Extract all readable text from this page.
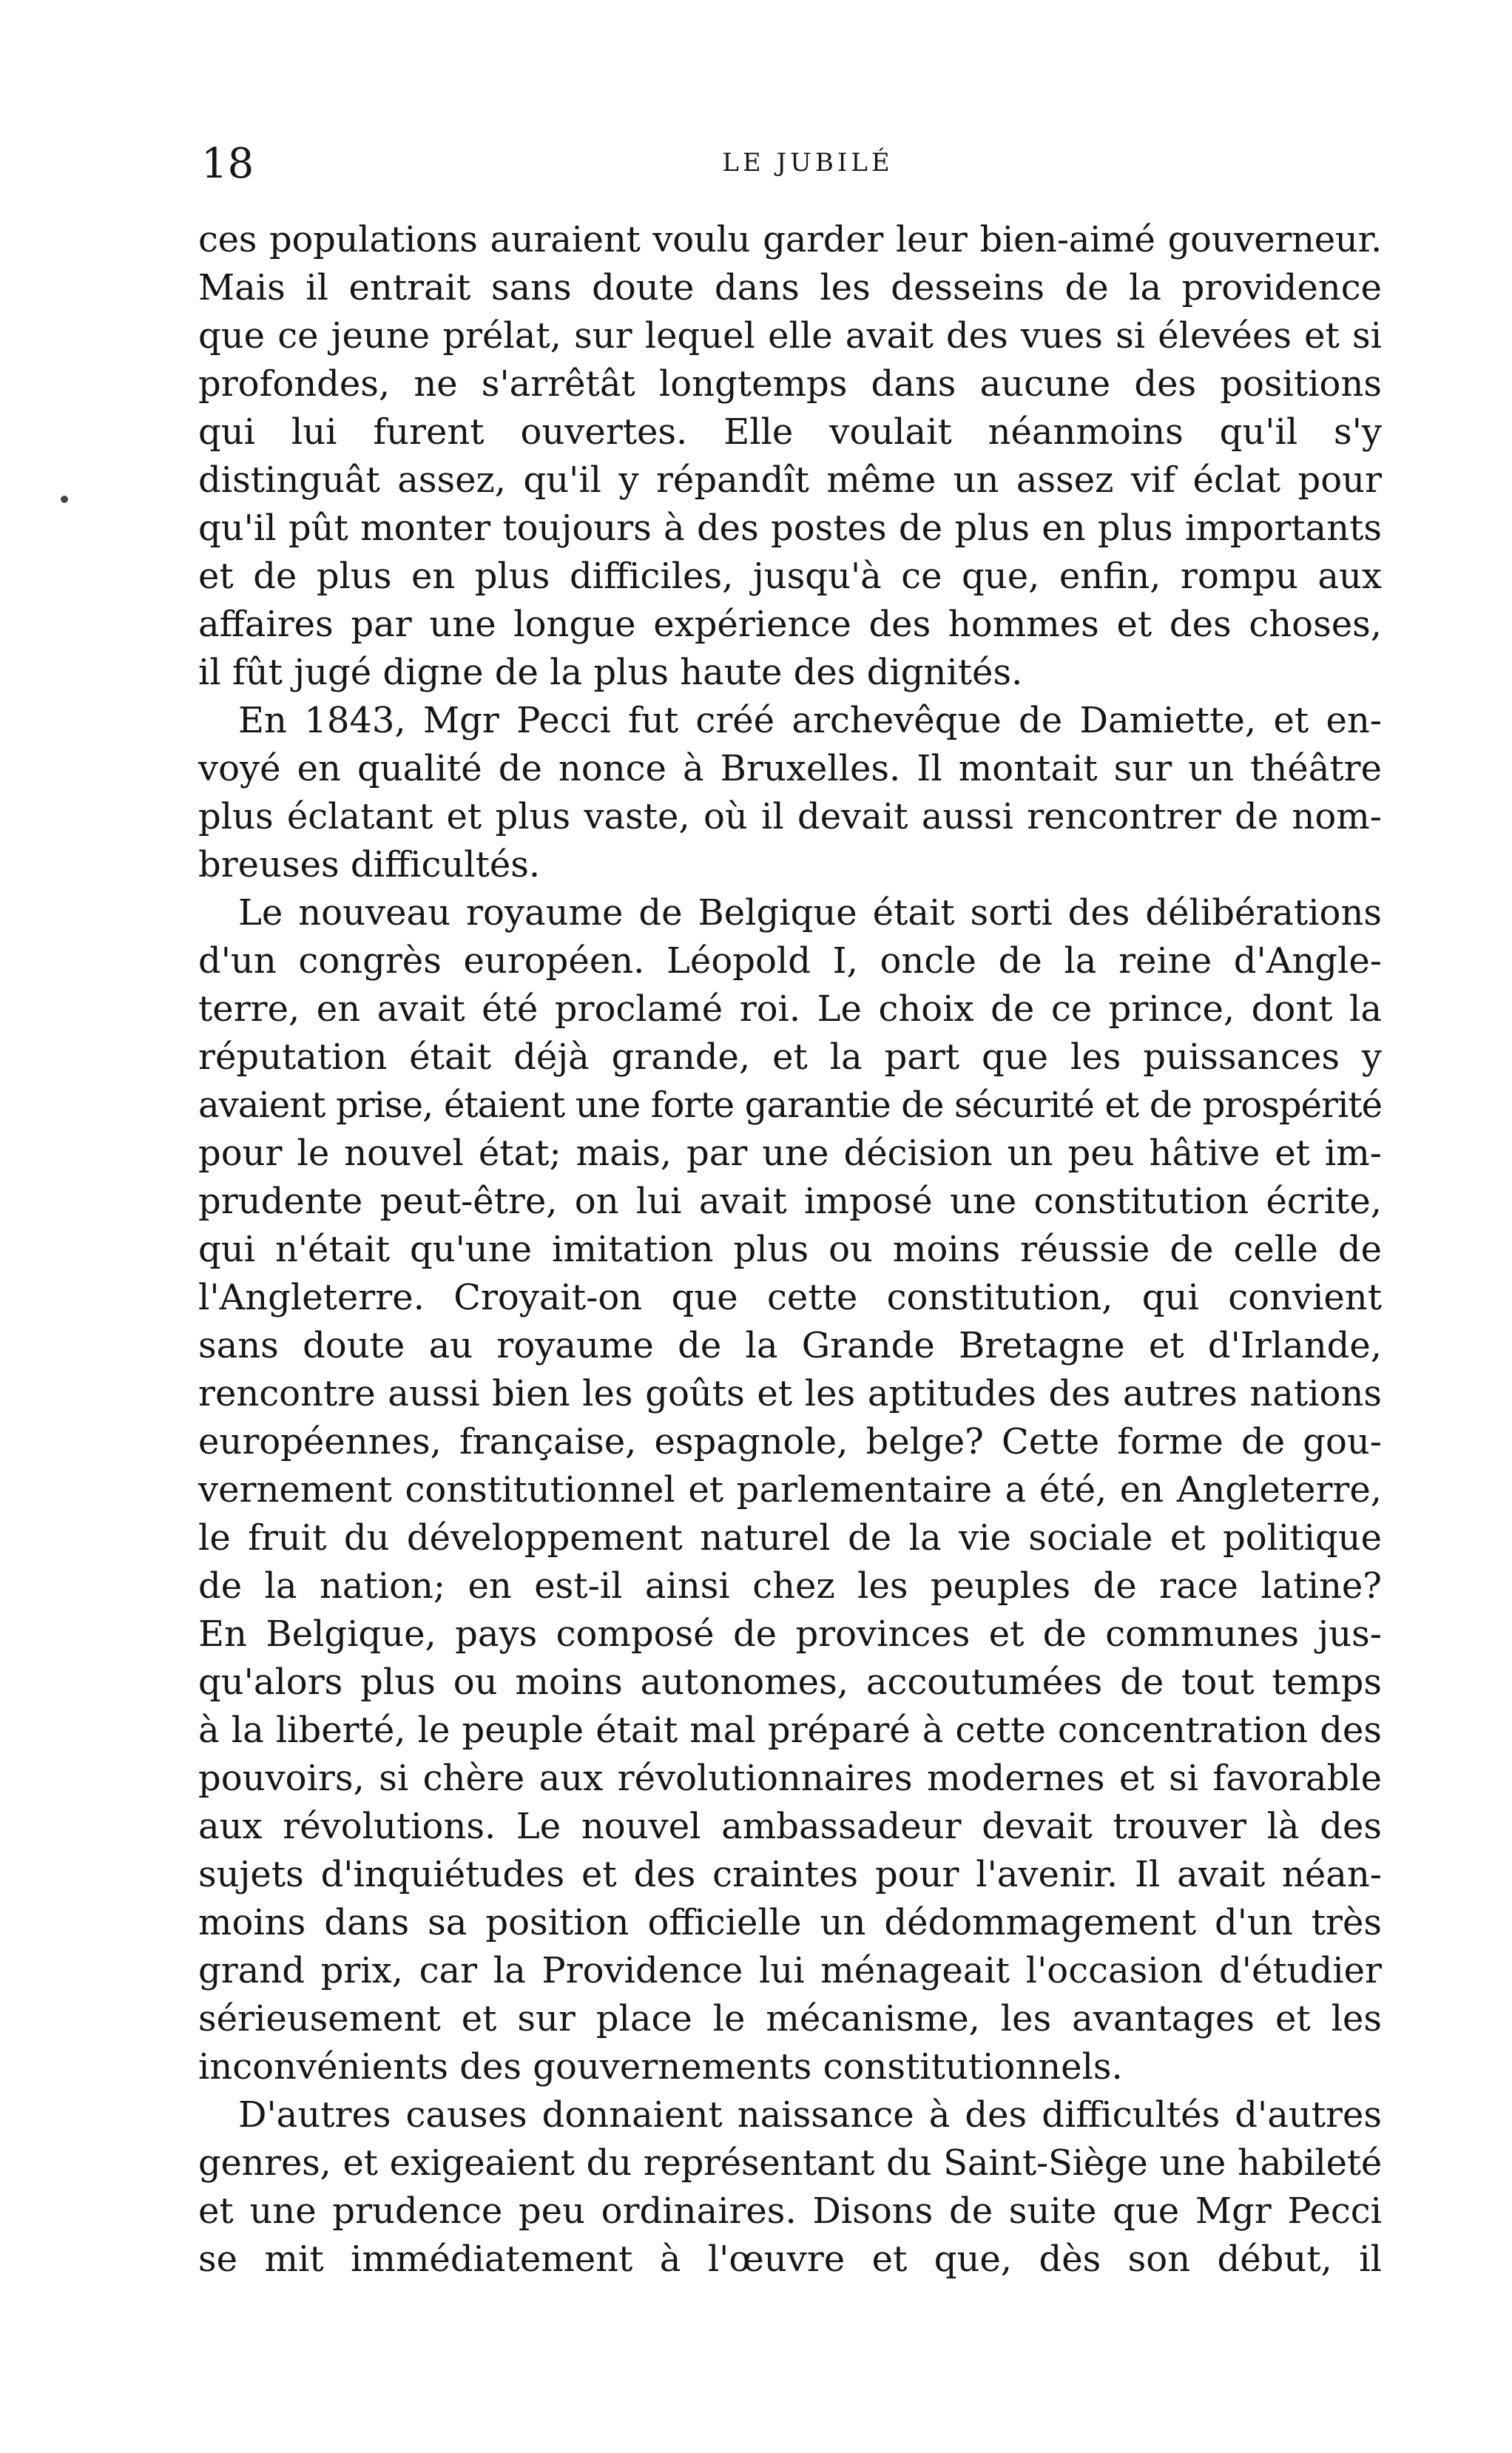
18	LE JUBILÉ
ces populations auraient voulu garder leur bien-aimé gouverneur.
Mais il entrait sans doute dans les desseins de la providence
que ce jeune prélat, sur lequel elle avait des vues si élevées et si
profondes, ne s'arrêtât longtemps dans aucune des positions
qui lui furent ouvertes. Elle voulait néanmoins qu'il s'y
distinguât assez, qu'il y répandît même un assez vif éclat pour
qu'il pût monter toujours à des postes de plus en plus importants
et de plus en plus difficiles, jusqu'à ce que, enfin, rompu aux
affaires par une longue expérience des hommes et des choses,
il fût jugé digne de la plus haute des dignités.
En 1843, Mgr Pecci fut créé archevêque de Damiette, et en-
voyé en qualité de nonce à Bruxelles. Il montait sur un théâtre
plus éclatant et plus vaste, où il devait aussi rencontrer de nom-
breuses difficultés.
Le nouveau royaume de Belgique était sorti des délibérations
d'un congrès européen. Léopold I, oncle de la reine d'Angle-
terre, en avait été proclamé roi. Le choix de ce prince, dont la
réputation était déjà grande, et la part que les puissances y
avaient prise, étaient une forte garantie de sécurité et de prospérité
pour le nouvel état; mais, par une décision un peu hâtive et im-
prudente peut-être, on lui avait imposé une constitution écrite,
qui n'était qu'une imitation plus ou moins réussie de celle de
l'Angleterre. Croyait-on que cette constitution, qui convient
sans doute au royaume de la Grande Bretagne et d'Irlande,
rencontre aussi bien les goûts et les aptitudes des autres nations
européennes, française, espagnole, belge? Cette forme de gou-
vernement constitutionnel et parlementaire a été, en Angleterre,
le fruit du développement naturel de la vie sociale et politique
de la nation; en est-il ainsi chez les peuples de race latine?
En Belgique, pays composé de provinces et de communes jus-
qu'alors plus ou moins autonomes, accoutumées de tout temps
à la liberté, le peuple était mal préparé à cette concentration des
pouvoirs, si chère aux révolutionnaires modernes et si favorable
aux révolutions. Le nouvel ambassadeur devait trouver là des
sujets d'inquiétudes et des craintes pour l'avenir. Il avait néan-
moins dans sa position officielle un dédommagement d'un très
grand prix, car la Providence lui ménageait l'occasion d'étudier
sérieusement et sur place le mécanisme, les avantages et les
inconvénients des gouvernements constitutionnels.
D'autres causes donnaient naissance à des difficultés d'autres
genres, et exigeaient du représentant du Saint-Siège une habileté
et une prudence peu ordinaires. Disons de suite que Mgr Pecci
se mit immédiatement à l'œuvre et que, dès son début, il
